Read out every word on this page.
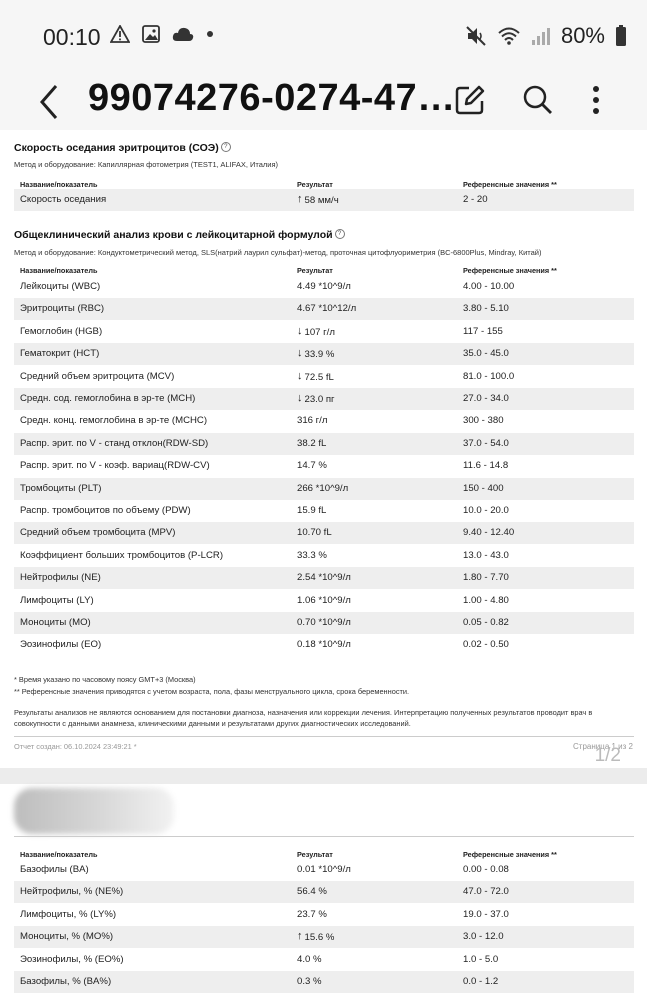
00:10	80%
99074276-0274-47…
Скорость оседания эритроцитов (СОЭ) ?
Метод и оборудование: Капиллярная фотометрия (TEST1, ALIFAX, Италия)
Название/показатель	Результат	Референсные значения **
Скорость оседания	↑ 58 мм/ч	2 - 20
Общеклинический анализ крови с лейкоцитарной формулой ?
Метод и оборудование: Кондуктометрический метод, SLS(натрий лаурил сульфат)-метод, проточная цитофлуориметрия (BC-6800Plus, Mindray, Китай)
Название/показатель	Результат	Референсные значения **
Лейкоциты (WBC)	4.49 *10^9/л	4.00 - 10.00
Эритроциты (RBC)	4.67 *10^12/л	3.80 - 5.10
Гемоглобин (HGB)	↓ 107 г/л	117 - 155
Гематокрит (HCT)	↓ 33.9 %	35.0 - 45.0
Средний объем эритроцита (MCV)	↓ 72.5 fL	81.0 - 100.0
Средн. сод. гемоглобина в эр-те (MCH)	↓ 23.0 пг	27.0 - 34.0
Средн. конц. гемоглобина в эр-те (MCHC)	316 г/л	300 - 380
Распр. эрит. по V - станд отклон(RDW-SD)	38.2 fL	37.0 - 54.0
Распр. эрит. по V - коэф. вариац(RDW-CV)	14.7 %	11.6 - 14.8
Тромбоциты (PLT)	266 *10^9/л	150 - 400
Распр. тромбоцитов по объему (PDW)	15.9 fL	10.0 - 20.0
Средний объем тромбоцита (MPV)	10.70 fL	9.40 - 12.40
Коэффициент больших тромбоцитов (P-LCR)	33.3 %	13.0 - 43.0
Нейтрофилы (NE)	2.54 *10^9/л	1.80 - 7.70
Лимфоциты (LY)	1.06 *10^9/л	1.00 - 4.80
Моноциты (MO)	0.70 *10^9/л	0.05 - 0.82
Эозинофилы (EO)	0.18 *10^9/л	0.02 - 0.50
* Время указано по часовому поясу GMT+3 (Москва)
** Референсные значения приводятся с учетом возраста, пола, фазы менструального цикла, срока беременности.
Результаты анализов не являются основанием для постановки диагноза, назначения или коррекции лечения. Интерпретацию полученных результатов проводит врач в совокупности с данными анамнеза, клиническими данными и результатами других диагностических исследований.
Отчет создан: 06.10.2024 23:49:21 *	Страница 1 из 2
1/2
Название/показатель	Результат	Референсные значения **
Базофилы (BA)	0.01 *10^9/л	0.00 - 0.08
Нейтрофилы, % (NE%)	56.4 %	47.0 - 72.0
Лимфоциты, % (LY%)	23.7 %	19.0 - 37.0
Моноциты, % (MO%)	↑ 15.6 %	3.0 - 12.0
Эозинофилы, % (EO%)	4.0 %	1.0 - 5.0
Базофилы, % (BA%)	0.3 %	0.0 - 1.2
